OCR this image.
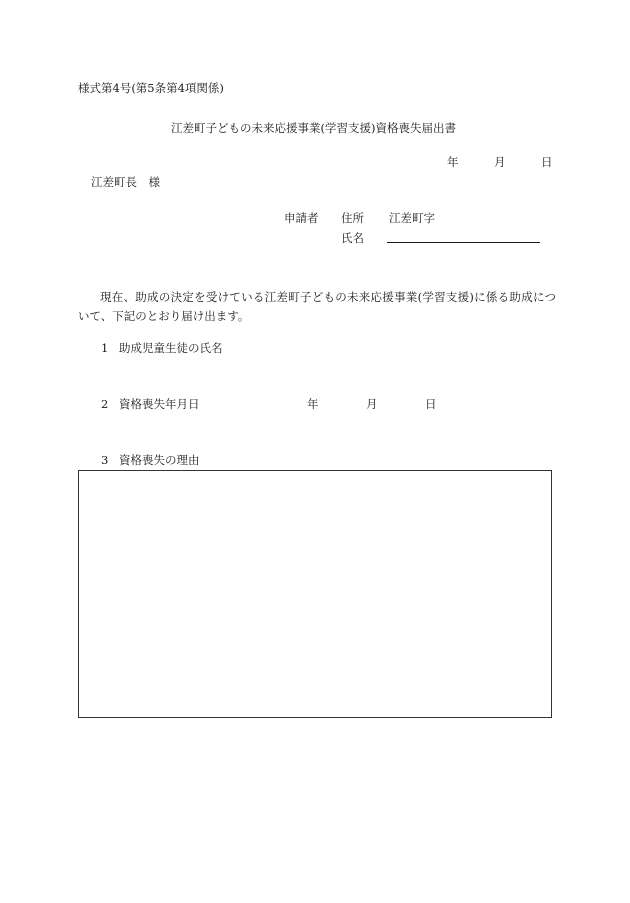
様式第4号(第5条第4項関係)
江差町子どもの未来応援事業(学習支援)資格喪失届出書
年	月	日
江差町長　様
申請者 住所 江差町字
氏名
現在、助成の決定を受けている江差町子どもの未来応援事業(学習支援)に係る助成について、下記のとおり届け出ます。
1 助成児童生徒の氏名
2 資格喪失年月日	年	月	日
3 資格喪失の理由
